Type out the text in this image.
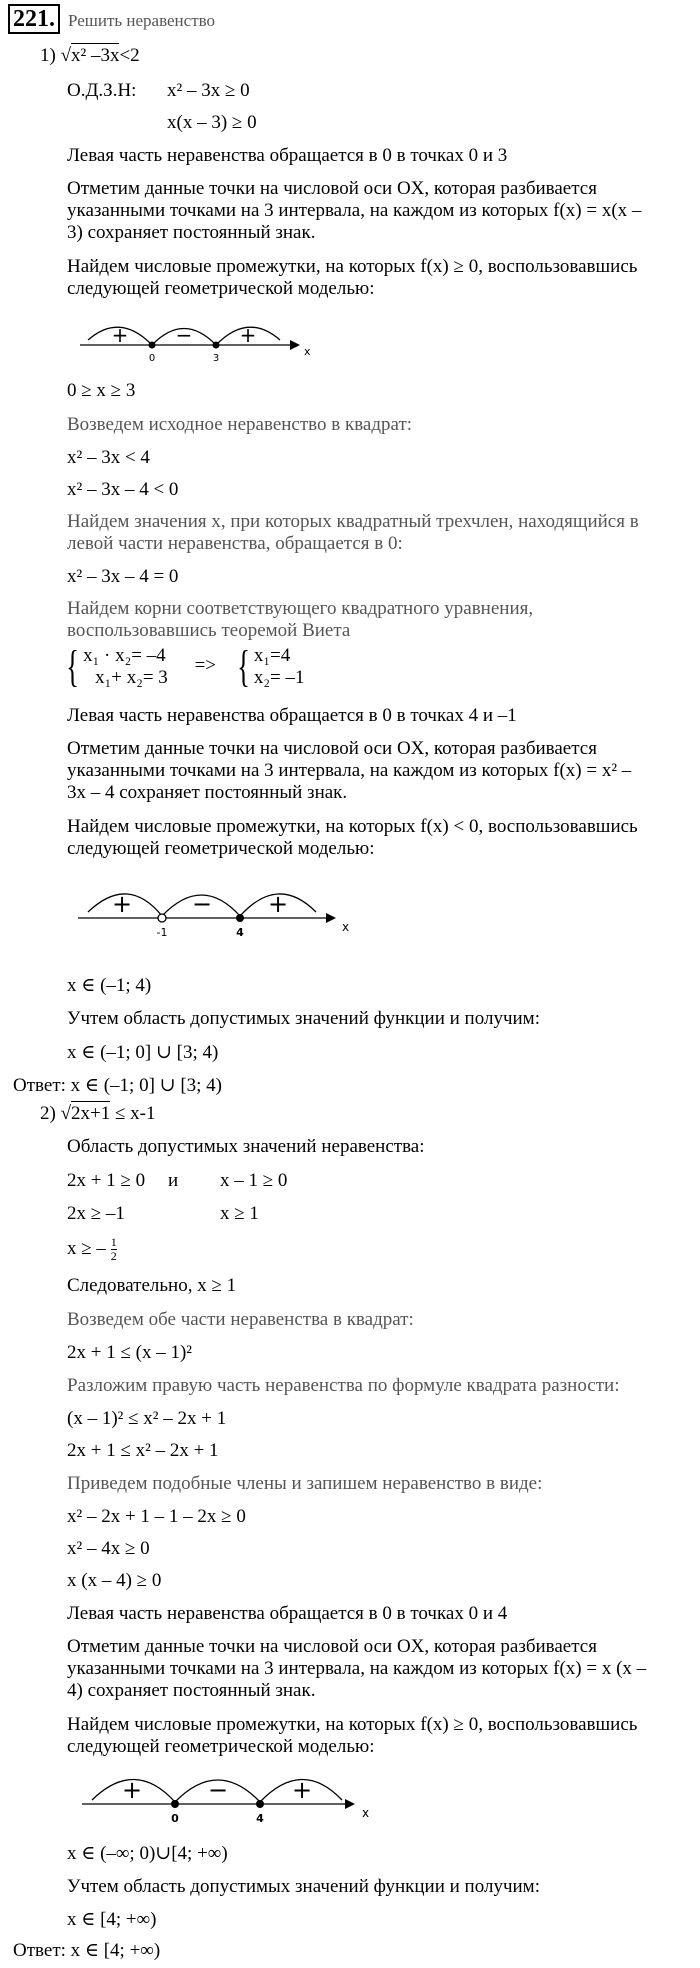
221. Решить неравенство
1) √x² –3x<2
О.Д.З.Н: x² – 3x ≥ 0
x(x – 3) ≥ 0
Левая часть неравенства обращается в 0 в точках 0 и 3
Отметим данные точки на числовой оси OX, которая разбивается
указанными точками на 3 интервала, на каждом из которых f(x) = x(x –
3) сохраняет постоянный знак.
Найдем числовые промежутки, на которых f(x) ≥ 0, воспользовавшись
следующей геометрической моделью:
+ − +
0	3
x
0 ≥ x ≥ 3
Возведем исходное неравенство в квадрат:
x² – 3x < 4
x² – 3x – 4 < 0
Найдем значения x, при которых квадратный трехчлен, находящийся в
левой части неравенства, обращается в 0:
x² – 3x – 4 = 0
Найдем корни соответствующего квадратного уравнения,
воспользовавшись теоремой Виета
{ x₁ · x₂= –4
x₁+ x₂= 3
=> { x₁=4
x₂= –1
Левая часть неравенства обращается в 0 в точках 4 и –1
Отметим данные точки на числовой оси OX, которая разбивается
указанными точками на 3 интервала, на каждом из которых f(x) = x² –
3x – 4 сохраняет постоянный знак.
Найдем числовые промежутки, на которых f(x) < 0, воспользовавшись
следующей геометрической моделью:
+ − +
-1	4	x
x ∈ (–1; 4)
Учтем область допустимых значений функции и получим:
x ∈ (–1; 0] ∪ [3; 4)
Ответ: x ∈ (–1; 0] ∪ [3; 4)
2) √2x+1 ≤ x-1
Область допустимых значений неравенства:
2x + 1 ≥ 0 и x – 1 ≥ 0
2x ≥ –1	x ≥ 1
x ≥ – $\frac{1}{2}$
Следовательно, x ≥ 1
Возведем обе части неравенства в квадрат:
2x + 1 ≤ (x – 1)²
Разложим правую часть неравенства по формуле квадрата разности:
(x – 1)² ≤ x² – 2x + 1
2x + 1 ≤ x² – 2x + 1
Приведем подобные члены и запишем неравенство в виде:
x² – 2x + 1 – 1 – 2x ≥ 0
x² – 4x ≥ 0
x (x – 4) ≥ 0
Левая часть неравенства обращается в 0 в точках 0 и 4
Отметим данные точки на числовой оси OX, которая разбивается
указанными точками на 3 интервала, на каждом из которых f(x) = x (x –
4) сохраняет постоянный знак.
Найдем числовые промежутки, на которых f(x) ≥ 0, воспользовавшись
следующей геометрической моделью:
+	−	+
0	4	x
x ∈ (–∞; 0)∪[4; +∞)
Учтем область допустимых значений функции и получим:
x ∈ [4; +∞)
Ответ: x ∈ [4; +∞)
